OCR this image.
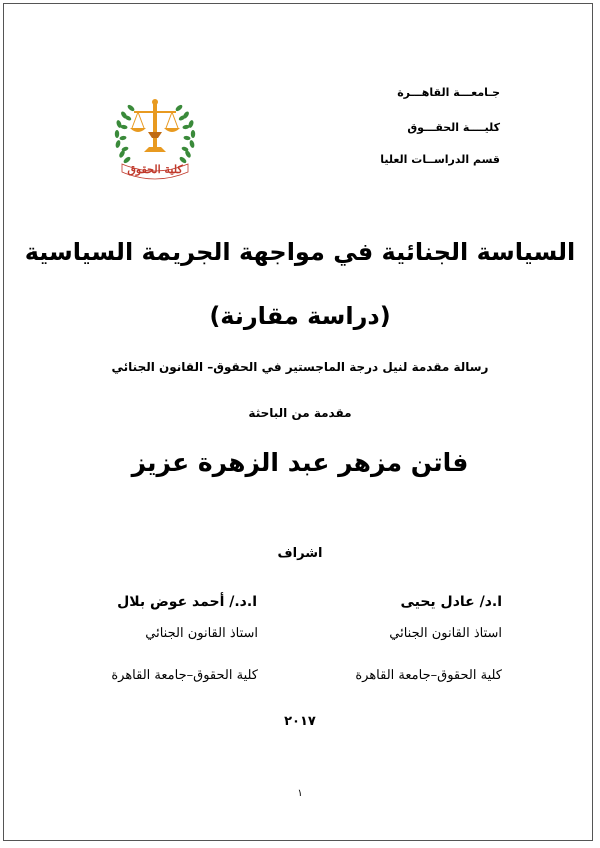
جـامعـــة القاهـــرة
كليــــة الحقـــوق
قسم الدراســات العليا
كلية الحقوق
السياسة الجنائية في مواجهة الجريمة السياسية
(دراسة مقارنة)
رسالة مقدمة لنيل درجة الماجستير في الحقوق– القانون الجنائي
مقدمة من الباحثة
فاتن مزهر عبد الزهرة عزيز
اشراف
ا.د/ عادل يحيى
استاذ القانون الجنائي
كلية الحقوق–جامعة القاهرة
ا.د./ أحمد عوض بلال
استاذ القانون الجنائي
كلية الحقوق–جامعة القاهرة
٢٠١٧
١
